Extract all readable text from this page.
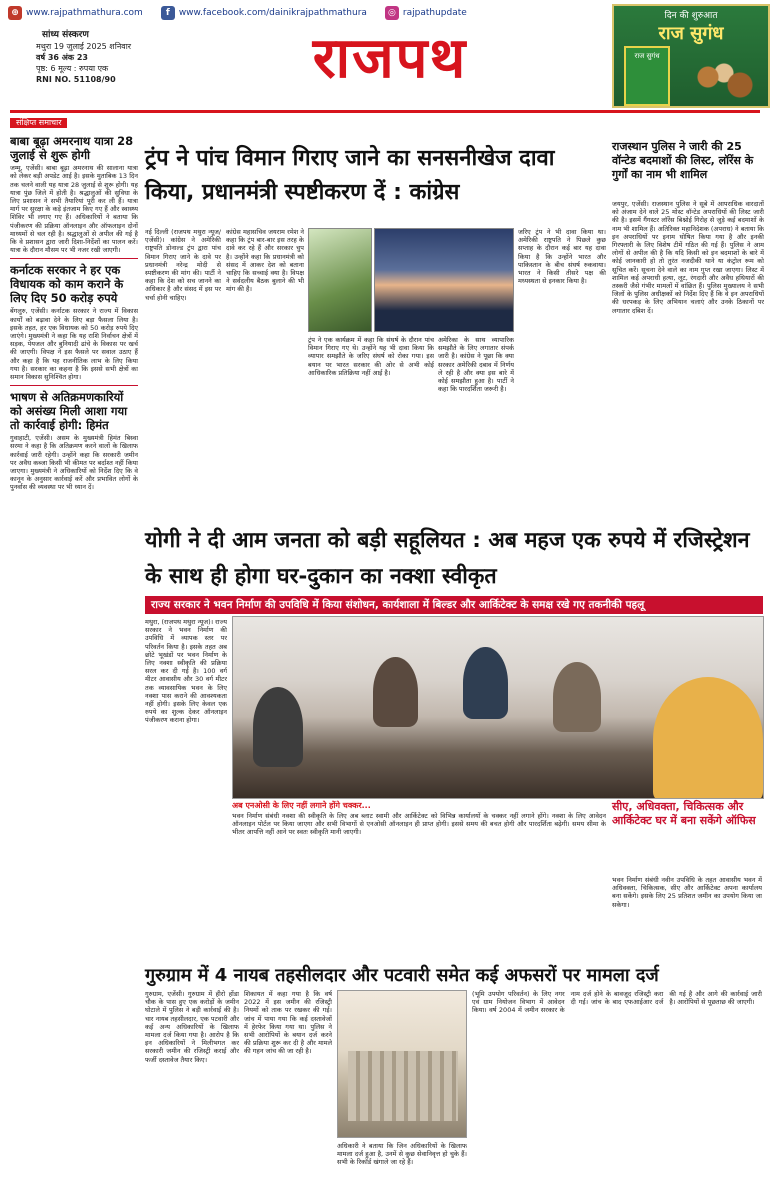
⊕ www.rajpathmathura.com	f	www.facebook.com/dainikrajpathmathura	◎ rajpathupdate
सांध्य संस्करण
मथुरा 19 जुलाई 2025 शनिवार
वर्ष 36 अंक 23
पृष्ठ: 6 मूल्य : रुपया एक
RNI NO. 51108/90	राजपथ
दिन की शुरुआत
राज सुगंध
राज सुगंध
संक्षिप्त समाचार
बाबा बूढ़ा अमरनाथ यात्रा 28 जुलाई से शुरू होगी

जम्मू, एजेंसी। बाबा बूढ़ा अमरनाथ की सालाना यात्रा को लेकर बड़ी अपडेट आई है। इसके मुताबिक 13 दिन तक चलने वाली यह यात्रा 28 जुलाई से शुरू होगी। यह यात्रा पुंछ जिले में होती है। श्रद्धालुओं की सुविधा के लिए प्रशासन ने सभी तैयारियां पूरी कर ली हैं। यात्रा मार्ग पर सुरक्षा के कड़े इंतजाम किए गए हैं और स्वास्थ्य शिविर भी लगाए गए हैं। अधिकारियों ने बताया कि पंजीकरण की प्रक्रिया ऑनलाइन और ऑफलाइन दोनों माध्यमों से चल रही है। श्रद्धालुओं से अपील की गई है कि वे प्रशासन द्वारा जारी दिशा-निर्देशों का पालन करें। यात्रा के दौरान मौसम पर भी नजर रखी जाएगी।

कर्नाटक सरकार ने हर एक विधायक को काम कराने के लिए दिए 50 करोड़ रुपये

बेंगलुरु, एजेंसी। कर्नाटक सरकार ने राज्य में विकास कार्यों को बढ़ावा देने के लिए बड़ा फैसला लिया है। इसके तहत, हर एक विधायक को 50 करोड़ रुपये दिए जाएंगे। मुख्यमंत्री ने कहा कि यह राशि निर्वाचन क्षेत्रों में सड़क, पेयजल और बुनियादी ढांचे के विकास पर खर्च की जाएगी। विपक्ष ने इस फैसले पर सवाल उठाए हैं और कहा है कि यह राजनीतिक लाभ के लिए किया गया है। सरकार का कहना है कि इससे सभी क्षेत्रों का समान विकास सुनिश्चित होगा।

भाषण से अतिक्रमणकारियों को असंख्य मिली आशा गया तो कार्रवाई होगी: हिमंत

गुवाहाटी, एजेंसी। असम के मुख्यमंत्री हिमंत बिस्वा सरमा ने कहा है कि अतिक्रमण करने वालों के खिलाफ कार्रवाई जारी रहेगी। उन्होंने कहा कि सरकारी जमीन पर अवैध कब्जा किसी भी कीमत पर बर्दाश्त नहीं किया जाएगा। मुख्यमंत्री ने अधिकारियों को निर्देश दिए कि वे कानून के अनुसार कार्रवाई करें और प्रभावित लोगों के पुनर्वास की व्यवस्था पर भी ध्यान दें।

ट्रंप ने पांच विमान गिराए जाने का सनसनीखेज दावा किया, प्रधानमंत्री स्पष्टीकरण दें : कांग्रेस
नई दिल्ली (राजपथ मथुरा न्यूज/एजेंसी)। कांग्रेस ने अमेरिकी राष्ट्रपति डोनाल्ड ट्रंप द्वारा पांच विमान गिराए जाने के दावे पर प्रधानमंत्री नरेन्द्र मोदी से स्पष्टीकरण की मांग की। पार्टी ने कहा कि देश को सच जानने का अधिकार है और संसद में इस पर चर्चा होनी चाहिए।
कांग्रेस महासचिव जयराम रमेश ने कहा कि ट्रंप बार-बार इस तरह के दावे कर रहे हैं और सरकार चुप है। उन्होंने कहा कि प्रधानमंत्री को संसद में आकर देश को बताना चाहिए कि सच्चाई क्या है। विपक्ष ने सर्वदलीय बैठक बुलाने की भी मांग की है।
ट्रंप ने एक कार्यक्रम में कहा कि संघर्ष के दौरान पांच विमान गिराए गए थे। उन्होंने यह भी दावा किया कि व्यापार समझौते के जरिए संघर्ष को रोका गया। इस बयान पर भारत सरकार की ओर से अभी कोई आधिकारिक प्रतिक्रिया नहीं आई है।
अमेरिका के साथ व्यापारिक समझौते के लिए लगातार संपर्क जारी है। कांग्रेस ने पूछा कि क्या सरकार अमेरिकी दबाव में निर्णय ले रही है और क्या इस बारे में कोई समझौता हुआ है। पार्टी ने कहा कि पारदर्शिता जरूरी है।
जरिए ट्रंप ने भी दावा किया था। अमेरिकी राष्ट्रपति ने पिछले कुछ सप्ताह के दौरान कई बार यह दावा किया है कि उन्होंने भारत और पाकिस्तान के बीच संघर्ष रुकवाया। भारत ने किसी तीसरे पक्ष की मध्यस्थता से इनकार किया है।
राजस्थान पुलिस ने जारी की 25 वॉन्टेड बदमाशों की लिस्ट, लॉरेंस के गुर्गों का नाम भी शामिल
जयपुर, एजेंसी। राजस्थान पुलिस ने सूबे में आपराधिक वारदातों को अंजाम देने वाले 25 मोस्ट वॉन्टेड अपराधियों की लिस्ट जारी की है। इसमें गैंगस्टर लॉरेंस बिश्नोई गिरोह से जुड़े कई बदमाशों के नाम भी शामिल हैं। अतिरिक्त महानिदेशक (अपराध) ने बताया कि इन अपराधियों पर इनाम घोषित किया गया है और इनकी गिरफ्तारी के लिए विशेष टीमें गठित की गई हैं। पुलिस ने आम लोगों से अपील की है कि यदि किसी को इन बदमाशों के बारे में कोई जानकारी हो तो तुरंत नजदीकी थाने या कंट्रोल रूम को सूचित करें। सूचना देने वाले का नाम गुप्त रखा जाएगा। लिस्ट में शामिल कई अपराधी हत्या, लूट, रंगदारी और अवैध हथियारों की तस्करी जैसे गंभीर मामलों में वांछित हैं। पुलिस मुख्यालय ने सभी जिलों के पुलिस अधीक्षकों को निर्देश दिए हैं कि वे इन अपराधियों की धरपकड़ के लिए अभियान चलाएं और उनके ठिकानों पर लगातार दबिश दें।
योगी ने दी आम जनता को बड़ी सहूलियत : अब महज एक रुपये में रजिस्ट्रेशन के साथ ही होगा घर-दुकान का नक्शा स्वीकृत
राज्य सरकार ने भवन निर्माण की उपविधि में किया संशोधन, कार्यशाला में बिल्डर और आर्किटेक्ट के समक्ष रखे गए तकनीकी पहलू
मथुरा, (राजपथ मथुरा न्यूज)। राज्य सरकार ने भवन निर्माण की उपविधि में व्यापक स्तर पर परिवर्तन किया है। इसके तहत अब छोटे भूखंडों पर भवन निर्माण के लिए नक्शा स्वीकृति की प्रक्रिया सरल कर दी गई है। 100 वर्ग मीटर आवासीय और 30 वर्ग मीटर तक व्यावसायिक भवन के लिए नक्शा पास कराने की आवश्यकता नहीं होगी। इसके लिए केवल एक रुपये का शुल्क देकर ऑनलाइन पंजीकरण कराना होगा।
अब एनओसी के लिए नहीं लगाने होंगे चक्कर...
भवन निर्माण संबंधी नक्शा की स्वीकृति के लिए अब ब्लाट स्वामी और आर्किटेक्ट को विभिन्न कार्यालयों के चक्कर नहीं लगाने होंगे। नक्शा के लिए आवेदन ऑनलाइन पोर्टल पर किया जाएगा और सभी विभागों से एनओसी ऑनलाइन ही प्राप्त होगी। इससे समय की बचत होगी और पारदर्शिता बढ़ेगी। समय सीमा के भीतर आपत्ति नहीं आने पर स्वतः स्वीकृति मानी जाएगी।
सीए, अधिवक्ता, चिकित्सक और आर्किटेक्ट घर में बना सकेंगे ऑफिस
भवन निर्माण संबंधी नवीन उपविधि के तहत आवासीय भवन में अधिवक्ता, चिकित्सक, सीए और आर्किटेक्ट अपना कार्यालय बना सकेंगे। इसके लिए 25 प्रतिशत जमीन का उपयोग किया जा सकेगा।
गुरुग्राम में 4 नायब तहसीलदार और पटवारी समेत कई अफसरों पर मामला दर्ज
गुरुग्राम, एजेंसी। गुरुग्राम में हीरो होंडा चौक के पास हुए एक करोड़ों के जमीन घोटाले में पुलिस ने बड़ी कार्रवाई की है। चार नायब तहसीलदार, एक पटवारी और कई अन्य अधिकारियों के खिलाफ मामला दर्ज किया गया है। आरोप है कि इन अधिकारियों ने मिलीभगत कर सरकारी जमीन की रजिस्ट्री कराई और फर्जी दस्तावेज तैयार किए।
शिकायत में कहा गया है कि वर्ष 2022 में इस जमीन की रजिस्ट्री नियमों को ताक पर रखकर की गई। जांच में पाया गया कि कई दस्तावेजों में हेरफेर किया गया था। पुलिस ने सभी आरोपियों के बयान दर्ज करने की प्रक्रिया शुरू कर दी है और मामले की गहन जांच की जा रही है।
अधिकारी ने बताया कि जिन अधिकारियों के खिलाफ मामला दर्ज हुआ है, उनमें से कुछ सेवानिवृत्त हो चुके हैं। सभी के रिकॉर्ड खंगाले जा रहे हैं।
(भूमि उपयोग परिवर्तन) के लिए नगर एवं ग्राम नियोजन विभाग में आवेदन किया। वर्ष 2004 में जमीन सरकार के नाम दर्ज होने के बावजूद रजिस्ट्री करा दी गई। जांच के बाद एफआईआर दर्ज की गई है और आगे की कार्रवाई जारी है। आरोपियों से पूछताछ की जाएगी।
